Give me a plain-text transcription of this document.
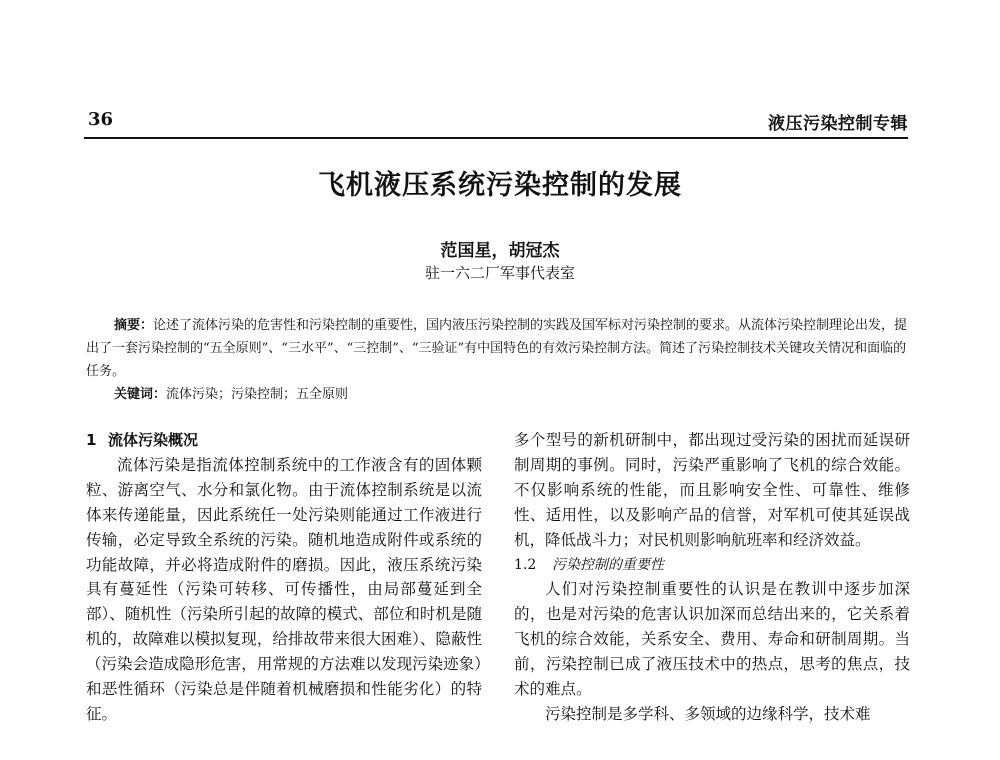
36	液压污染控制专辑
飞机液压系统污染控制的发展
范国星，胡冠杰
驻一六二厂军事代表室
摘要：论述了流体污染的危害性和污染控制的重要性，国内液压污染控制的实践及国军标对污染控制的要求。从流体污染控制理论出发，提出了一套污染控制的“五全原则”、“三水平”、“三控制”、“三验证”有中国特色的有效污染控制方法。简述了污染控制技术关键攻关情况和面临的任务。
关键词：流体污染；污染控制；五全原则
1 流体污染概况

流体污染是指流体控制系统中的工作液含有的固体颗粒、游离空气、水分和氯化物。由于流体控制系统是以流体来传递能量，因此系统任一处污染则能通过工作液进行传输，必定导致全系统的污染。随机地造成附件或系统的功能故障，并必将造成附件的磨损。因此，液压系统污染具有蔓延性（污染可转移、可传播性，由局部蔓延到全部）、随机性（污染所引起的故障的模式、部位和时机是随机的，故障难以模拟复现，给排故带来很大困难）、隐蔽性（污染会造成隐形危害，用常规的方法难以发现污染迹象）和恶性循环（污染总是伴随着机械磨损和性能劣化）的特征。

多个型号的新机研制中，都出现过受污染的困扰而延误研制周期的事例。同时，污染严重影响了飞机的综合效能。不仅影响系统的性能，而且影响安全性、可靠性、维修性、适用性，以及影响产品的信誉，对军机可使其延误战机，降低战斗力；对民机则影响航班率和经济效益。

1.2 污染控制的重要性

人们对污染控制重要性的认识是在教训中逐步加深的，也是对污染的危害认识加深而总结出来的，它关系着飞机的综合效能，关系安全、费用、寿命和研制周期。当前，污染控制已成了液压技术中的热点，思考的焦点，技术的难点。

污染控制是多学科、多领域的边缘科学，技术难
